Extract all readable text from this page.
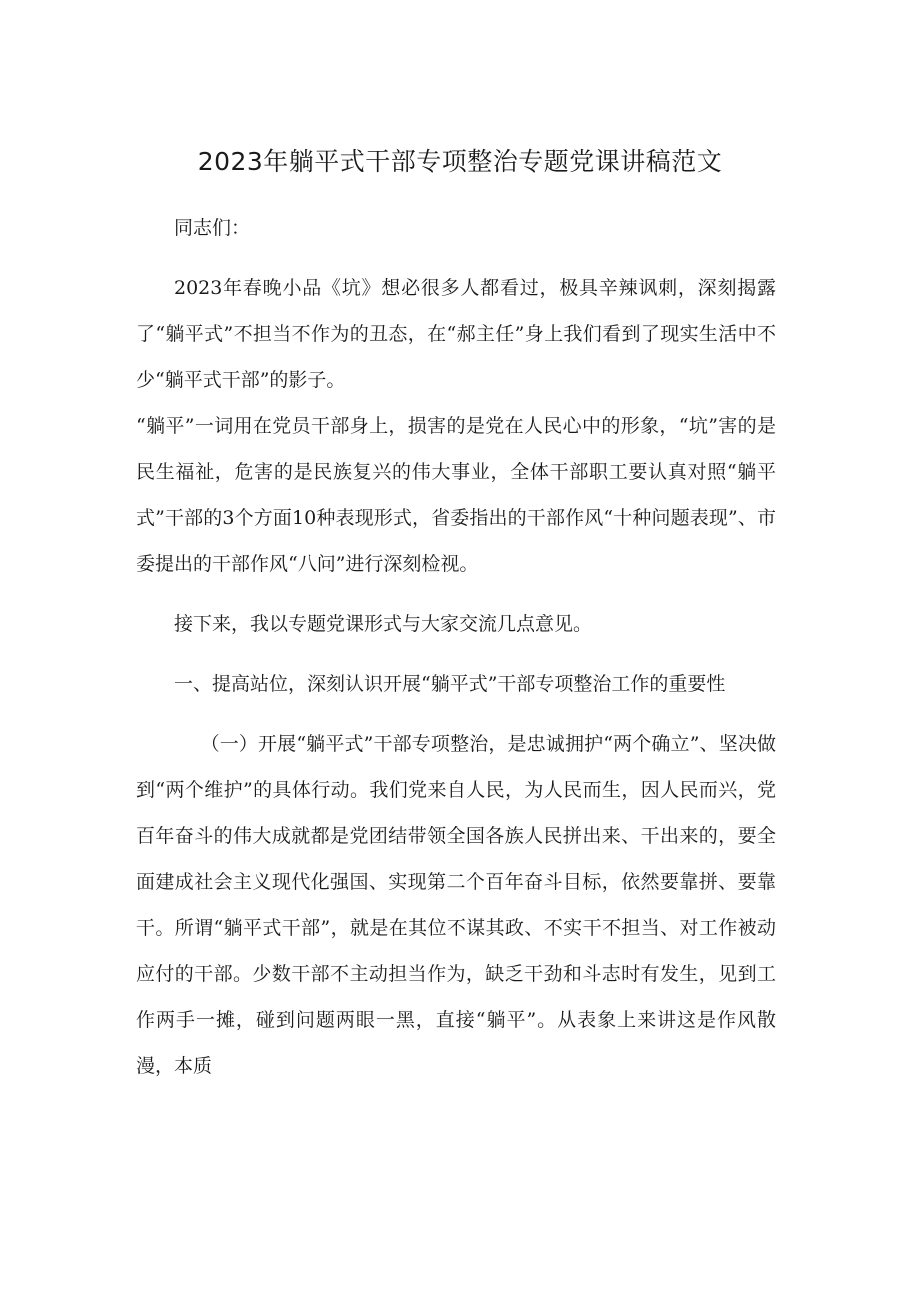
2023年躺平式干部专项整治专题党课讲稿范文

同志们：

2023年春晚小品《坑》想必很多人都看过，极具辛辣讽刺，深刻揭露了“躺平式”不担当不作为的丑态，在“郝主任”身上我们看到了现实生活中不少“躺平式干部”的影子。

“躺平”一词用在党员干部身上，损害的是党在人民心中的形象，“坑”害的是民生福祉，危害的是民族复兴的伟大事业，全体干部职工要认真对照“躺平式”干部的3个方面10种表现形式，省委指出的干部作风“十种问题表现”、市委提出的干部作风“八问”进行深刻检视。

接下来，我以专题党课形式与大家交流几点意见。

一、提高站位，深刻认识开展“躺平式”干部专项整治工作的重要性

（一）开展“躺平式”干部专项整治，是忠诚拥护“两个确立”、坚决做到“两个维护”的具体行动。我们党来自人民，为人民而生，因人民而兴，党百年奋斗的伟大成就都是党团结带领全国各族人民拼出来、干出来的，要全面建成社会主义现代化强国、实现第二个百年奋斗目标，依然要靠拼、要靠干。所谓“躺平式干部”，就是在其位不谋其政、不实干不担当、对工作被动应付的干部。少数干部不主动担当作为，缺乏干劲和斗志时有发生，见到工作两手一摊，碰到问题两眼一黑，直接“躺平”。从表象上来讲这是作风散漫，本质
